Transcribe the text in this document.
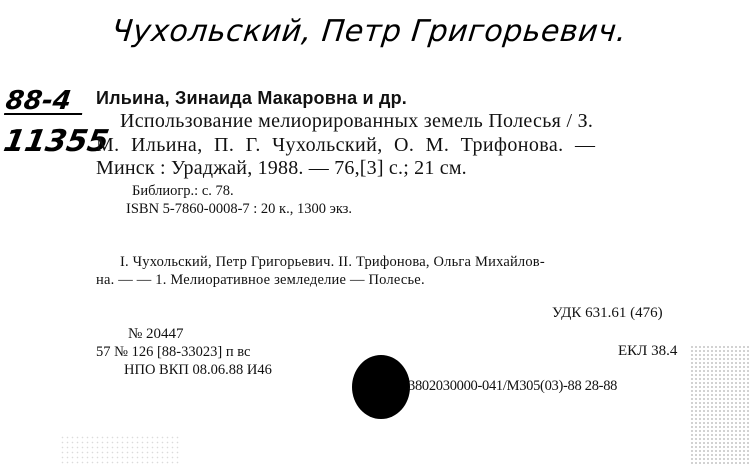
Чухольский, Петр Григорьевич.
88-4
11355
Ильина, Зинаида Макаровна и др.
Использование мелиорированных земель Полесья / З.
М. Ильина, П. Г. Чухольский, О. М. Трифонова. —
Минск : Ураджай, 1988. — 76,[3] с.; 21 см.
Библиогр.: с. 78.
ISBN 5-7860-0008-7 : 20 к., 1300 экз.
I. Чухольский, Петр Григорьевич. II. Трифонова, Ольга Михайлов-
на. — — 1. Мелиоративное земледелие — Полесье.
УДК 631.61 (476)
№ 20447
57 № 126 [88-33023] п вс	ЕКЛ 38.4
НПО ВКП 08.06.88 И46
3802030000-041/М305(03)-88 28-88
